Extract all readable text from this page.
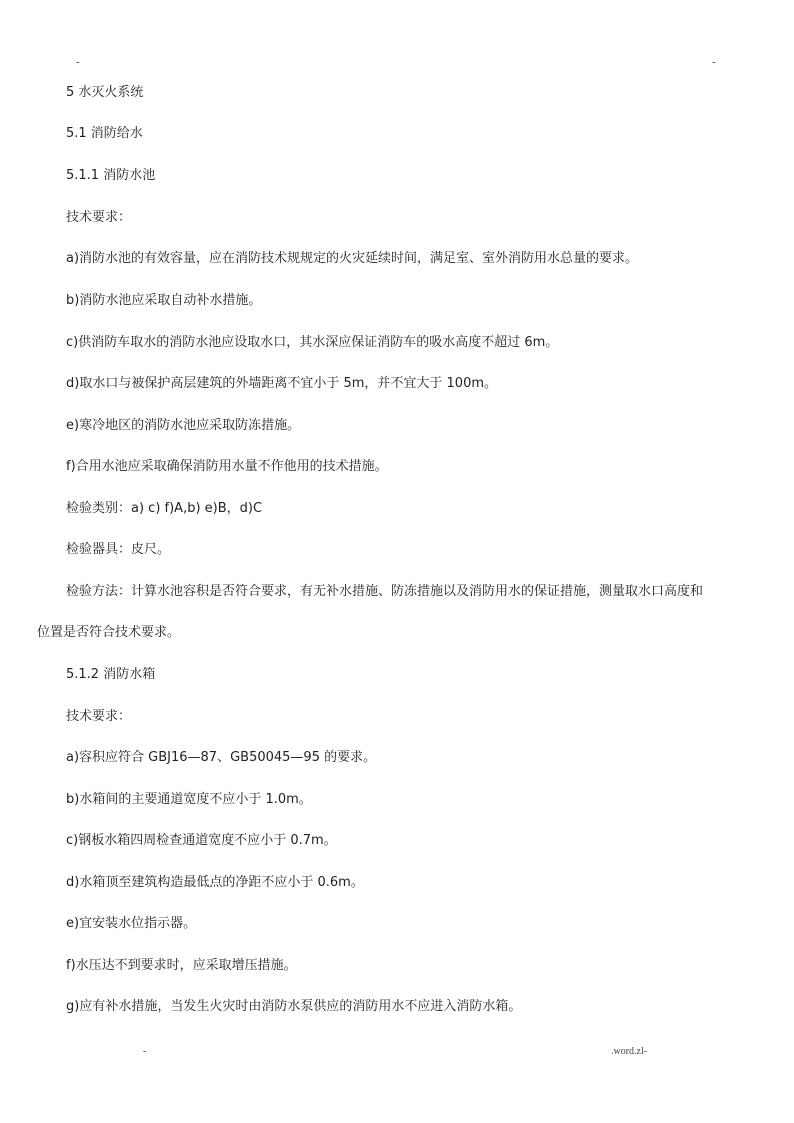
-	-
5 水灭火系统
5.1 消防给水
5.1.1 消防水池
技术要求：
a)消防水池的有效容量，应在消防技术规规定的火灾延续时间，满足室、室外消防用水总量的要求。
b)消防水池应采取自动补水措施。
c)供消防车取水的消防水池应设取水口，其水深应保证消防车的吸水高度不超过 6m。
d)取水口与被保护高层建筑的外墙距离不宜小于 5m，并不宜大于 100m。
e)寒冷地区的消防水池应采取防冻措施。
f)合用水池应采取确保消防用水量不作他用的技术措施。
检验类别：a) c) f)A,b) e)B，d)C
检验器具：皮尺。
检验方法：计算水池容积是否符合要求，有无补水措施、防冻措施以及消防用水的保证措施，测量取水口高度和
位置是否符合技术要求。
5.1.2 消防水箱
技术要求：
a)容积应符合 GBJ16—87、GB50045—95 的要求。
b)水箱间的主要通道宽度不应小于 1.0m。
c)钢板水箱四周检查通道宽度不应小于 0.7m。
d)水箱顶至建筑构造最低点的净距不应小于 0.6m。
e)宜安装水位指示器。
f)水压达不到要求时，应采取增压措施。
g)应有补水措施，当发生火灾时由消防水泵供应的消防用水不应进入消防水箱。
-	.word.zl-
